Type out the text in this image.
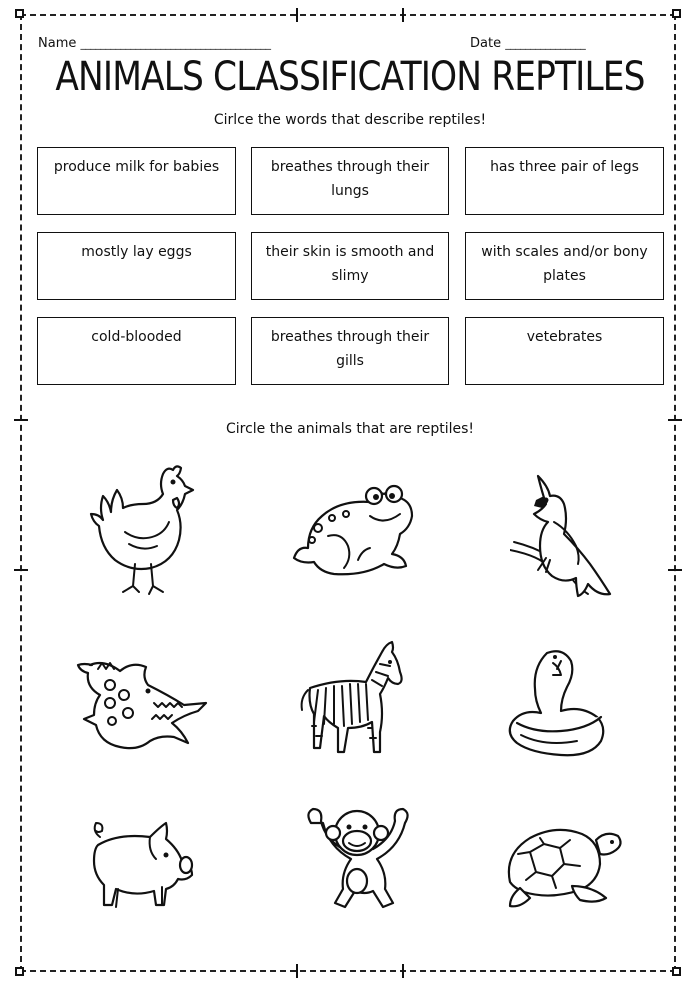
Name ______________________________________	Date ________________
ANIMALS CLASSIFICATION REPTILES
Cirlce the words that describe reptiles!
produce milk for babies	breathes through their lungs
has three pair of legs
mostly lay eggs	their skin is smooth and slimy
with scales and/or bony plates
cold-blooded	breathes through their gills
vetebrates
Circle the animals that are reptiles!
